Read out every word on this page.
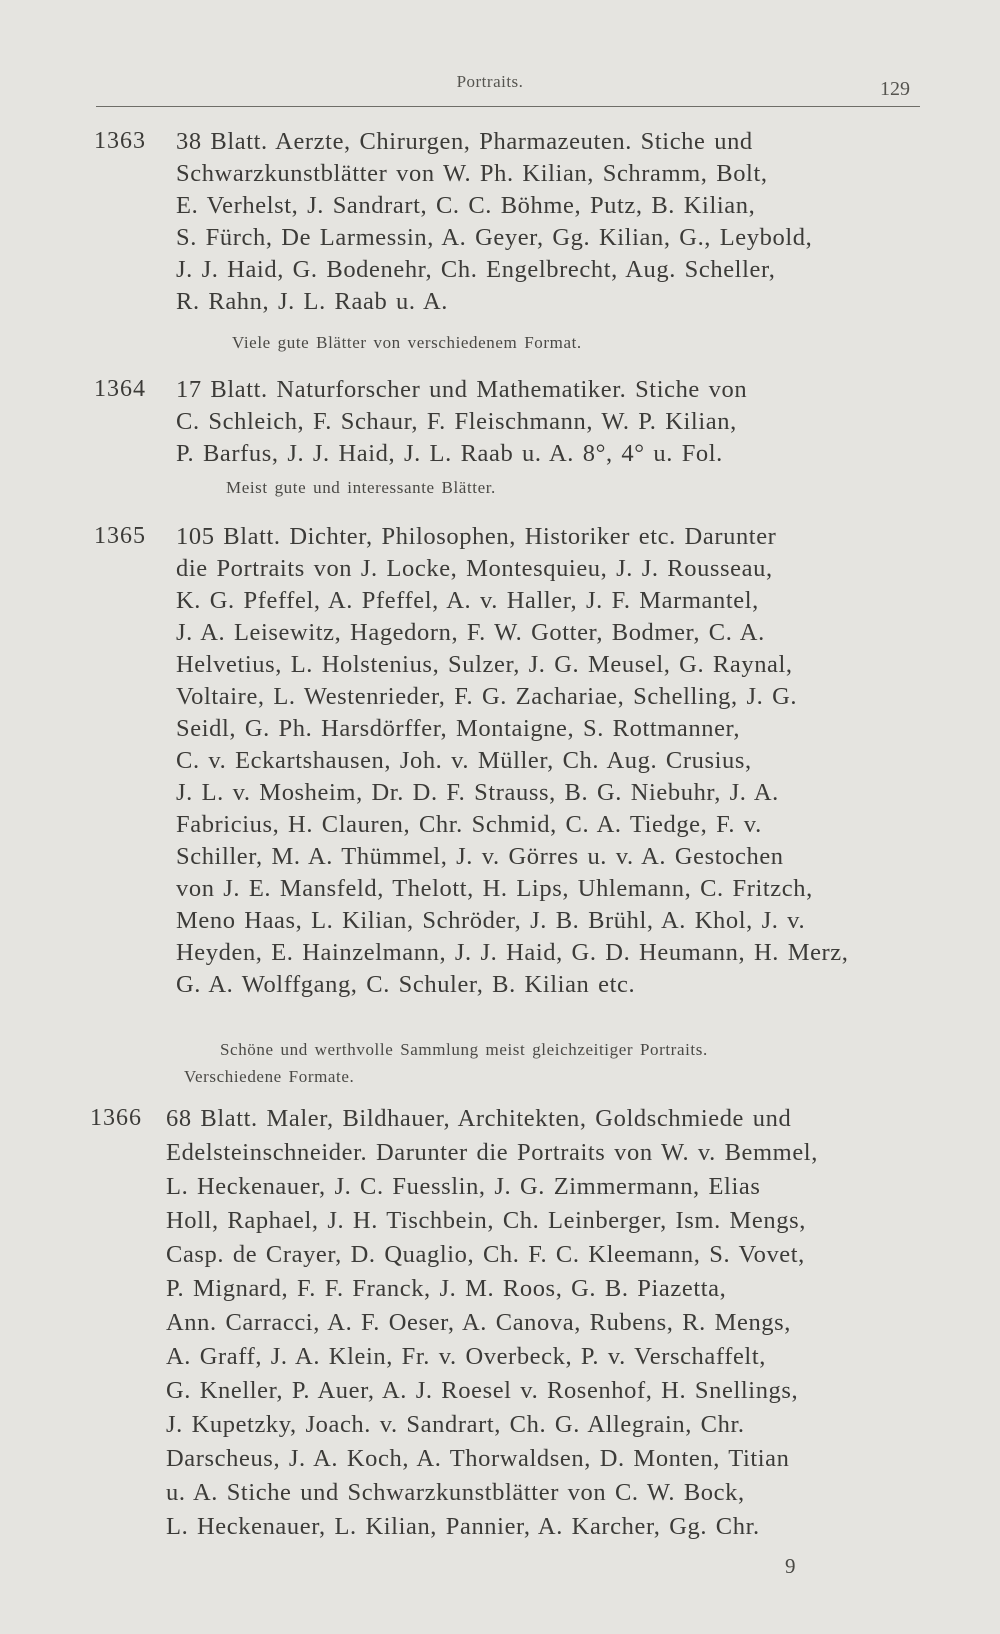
Portraits.	129
1363 38 Blatt. Aerzte, Chirurgen, Pharmazeuten. Stiche und
Schwarzkunstblätter von W. Ph. Kilian, Schramm, Bolt,
E. Verhelst, J. Sandrart, C. C. Böhme, Putz, B. Kilian,
S. Fürch, De Larmessin, A. Geyer, Gg. Kilian, G., Leybold,
J. J. Haid, G. Bodenehr, Ch. Engelbrecht, Aug. Scheller,
R. Rahn, J. L. Raab u. A.
Viele gute Blätter von verschiedenem Format.
1364 17 Blatt. Naturforscher und Mathematiker. Stiche von
C. Schleich, F. Schaur, F. Fleischmann, W. P. Kilian,
P. Barfus, J. J. Haid, J. L. Raab u. A. 8°, 4° u. Fol.
Meist gute und interessante Blätter.
1365 105 Blatt. Dichter, Philosophen, Historiker etc. Darunter
die Portraits von J. Locke, Montesquieu, J. J. Rousseau,
K. G. Pfeffel, A. Pfeffel, A. v. Haller, J. F. Marmantel,
J. A. Leisewitz, Hagedorn, F. W. Gotter, Bodmer, C. A.
Helvetius, L. Holstenius, Sulzer, J. G. Meusel, G. Raynal,
Voltaire, L. Westenrieder, F. G. Zachariae, Schelling, J. G.
Seidl, G. Ph. Harsdörffer, Montaigne, S. Rottmanner,
C. v. Eckartshausen, Joh. v. Müller, Ch. Aug. Crusius,
J. L. v. Mosheim, Dr. D. F. Strauss, B. G. Niebuhr, J. A.
Fabricius, H. Clauren, Chr. Schmid, C. A. Tiedge, F. v.
Schiller, M. A. Thümmel, J. v. Görres u. v. A. Gestochen
von J. E. Mansfeld, Thelott, H. Lips, Uhlemann, C. Fritzch,
Meno Haas, L. Kilian, Schröder, J. B. Brühl, A. Khol, J. v.
Heyden, E. Hainzelmann, J. J. Haid, G. D. Heumann, H. Merz,
G. A. Wolffgang, C. Schuler, B. Kilian etc.
Schöne und werthvolle Sammlung meist gleichzeitiger Portraits.
Verschiedene Formate.
1366 68 Blatt. Maler, Bildhauer, Architekten, Goldschmiede und
Edelsteinschneider. Darunter die Portraits von W. v. Bemmel,
L. Heckenauer, J. C. Fuesslin, J. G. Zimmermann, Elias
Holl, Raphael, J. H. Tischbein, Ch. Leinberger, Ism. Mengs,
Casp. de Crayer, D. Quaglio, Ch. F. C. Kleemann, S. Vovet,
P. Mignard, F. F. Franck, J. M. Roos, G. B. Piazetta,
Ann. Carracci, A. F. Oeser, A. Canova, Rubens, R. Mengs,
A. Graff, J. A. Klein, Fr. v. Overbeck, P. v. Verschaffelt,
G. Kneller, P. Auer, A. J. Roesel v. Rosenhof, H. Snellings,
J. Kupetzky, Joach. v. Sandrart, Ch. G. Allegrain, Chr.
Darscheus, J. A. Koch, A. Thorwaldsen, D. Monten, Titian
u. A. Stiche und Schwarzkunstblätter von C. W. Bock,
L. Heckenauer, L. Kilian, Pannier, A. Karcher, Gg. Chr.
9
